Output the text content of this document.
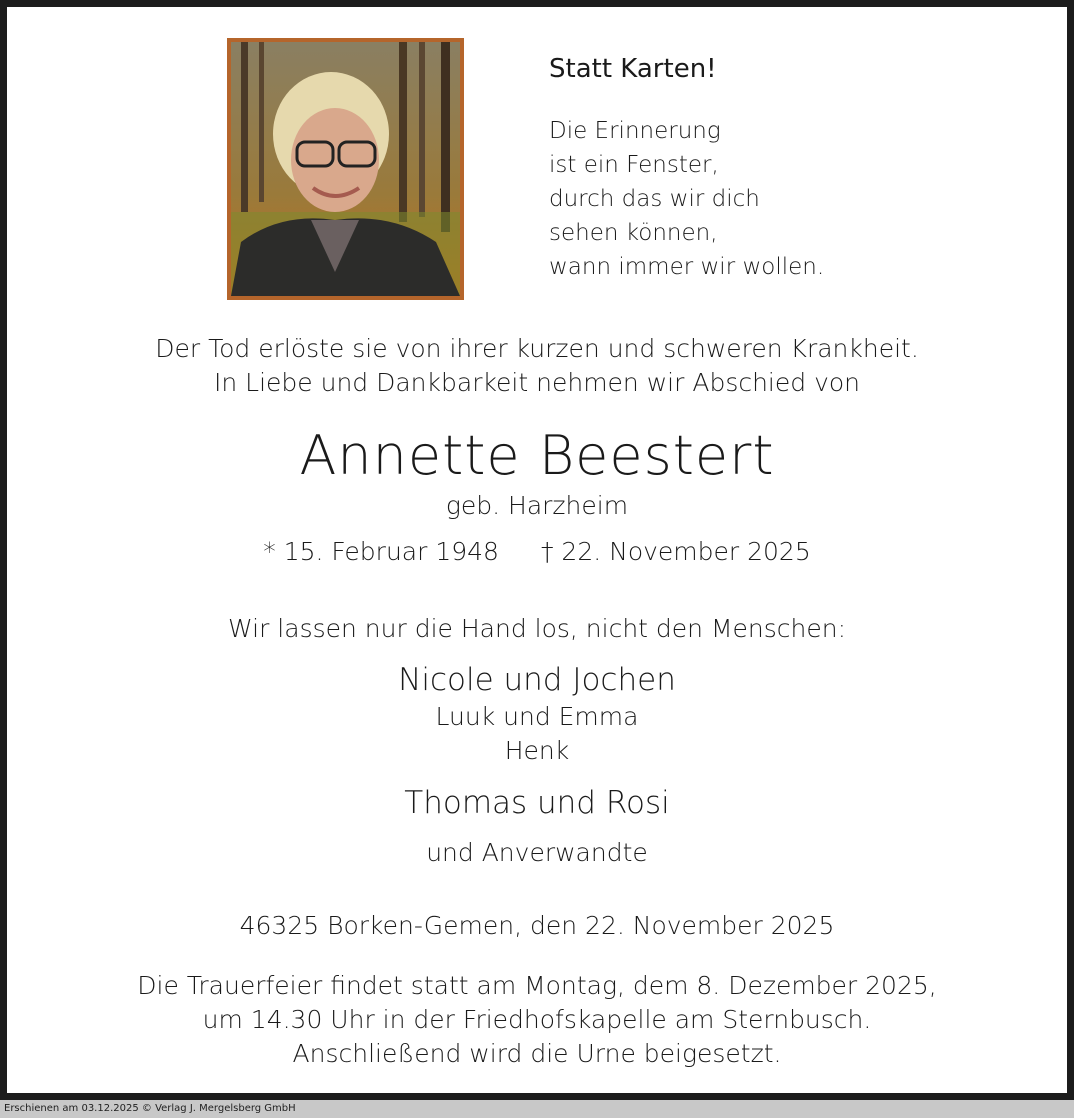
Statt Karten!
Die Erinnerung
ist ein Fenster,
durch das wir dich
sehen können,
wann immer wir wollen.
Der Tod erlöste sie von ihrer kurzen und schweren Krankheit.
In Liebe und Dankbarkeit nehmen wir Abschied von
Annette Beestert
geb. Harzheim
* 15. Februar 1948 † 22. November 2025
Wir lassen nur die Hand los, nicht den Menschen:
Nicole und Jochen
Luuk und Emma
Henk
Thomas und Rosi
und Anverwandte
46325 Borken-Gemen, den 22. November 2025
Die Trauerfeier findet statt am Montag, dem 8. Dezember 2025,
um 14.30 Uhr in der Friedhofskapelle am Sternbusch.
Anschließend wird die Urne beigesetzt.
Erschienen am 03.12.2025 © Verlag J. Mergelsberg GmbH
